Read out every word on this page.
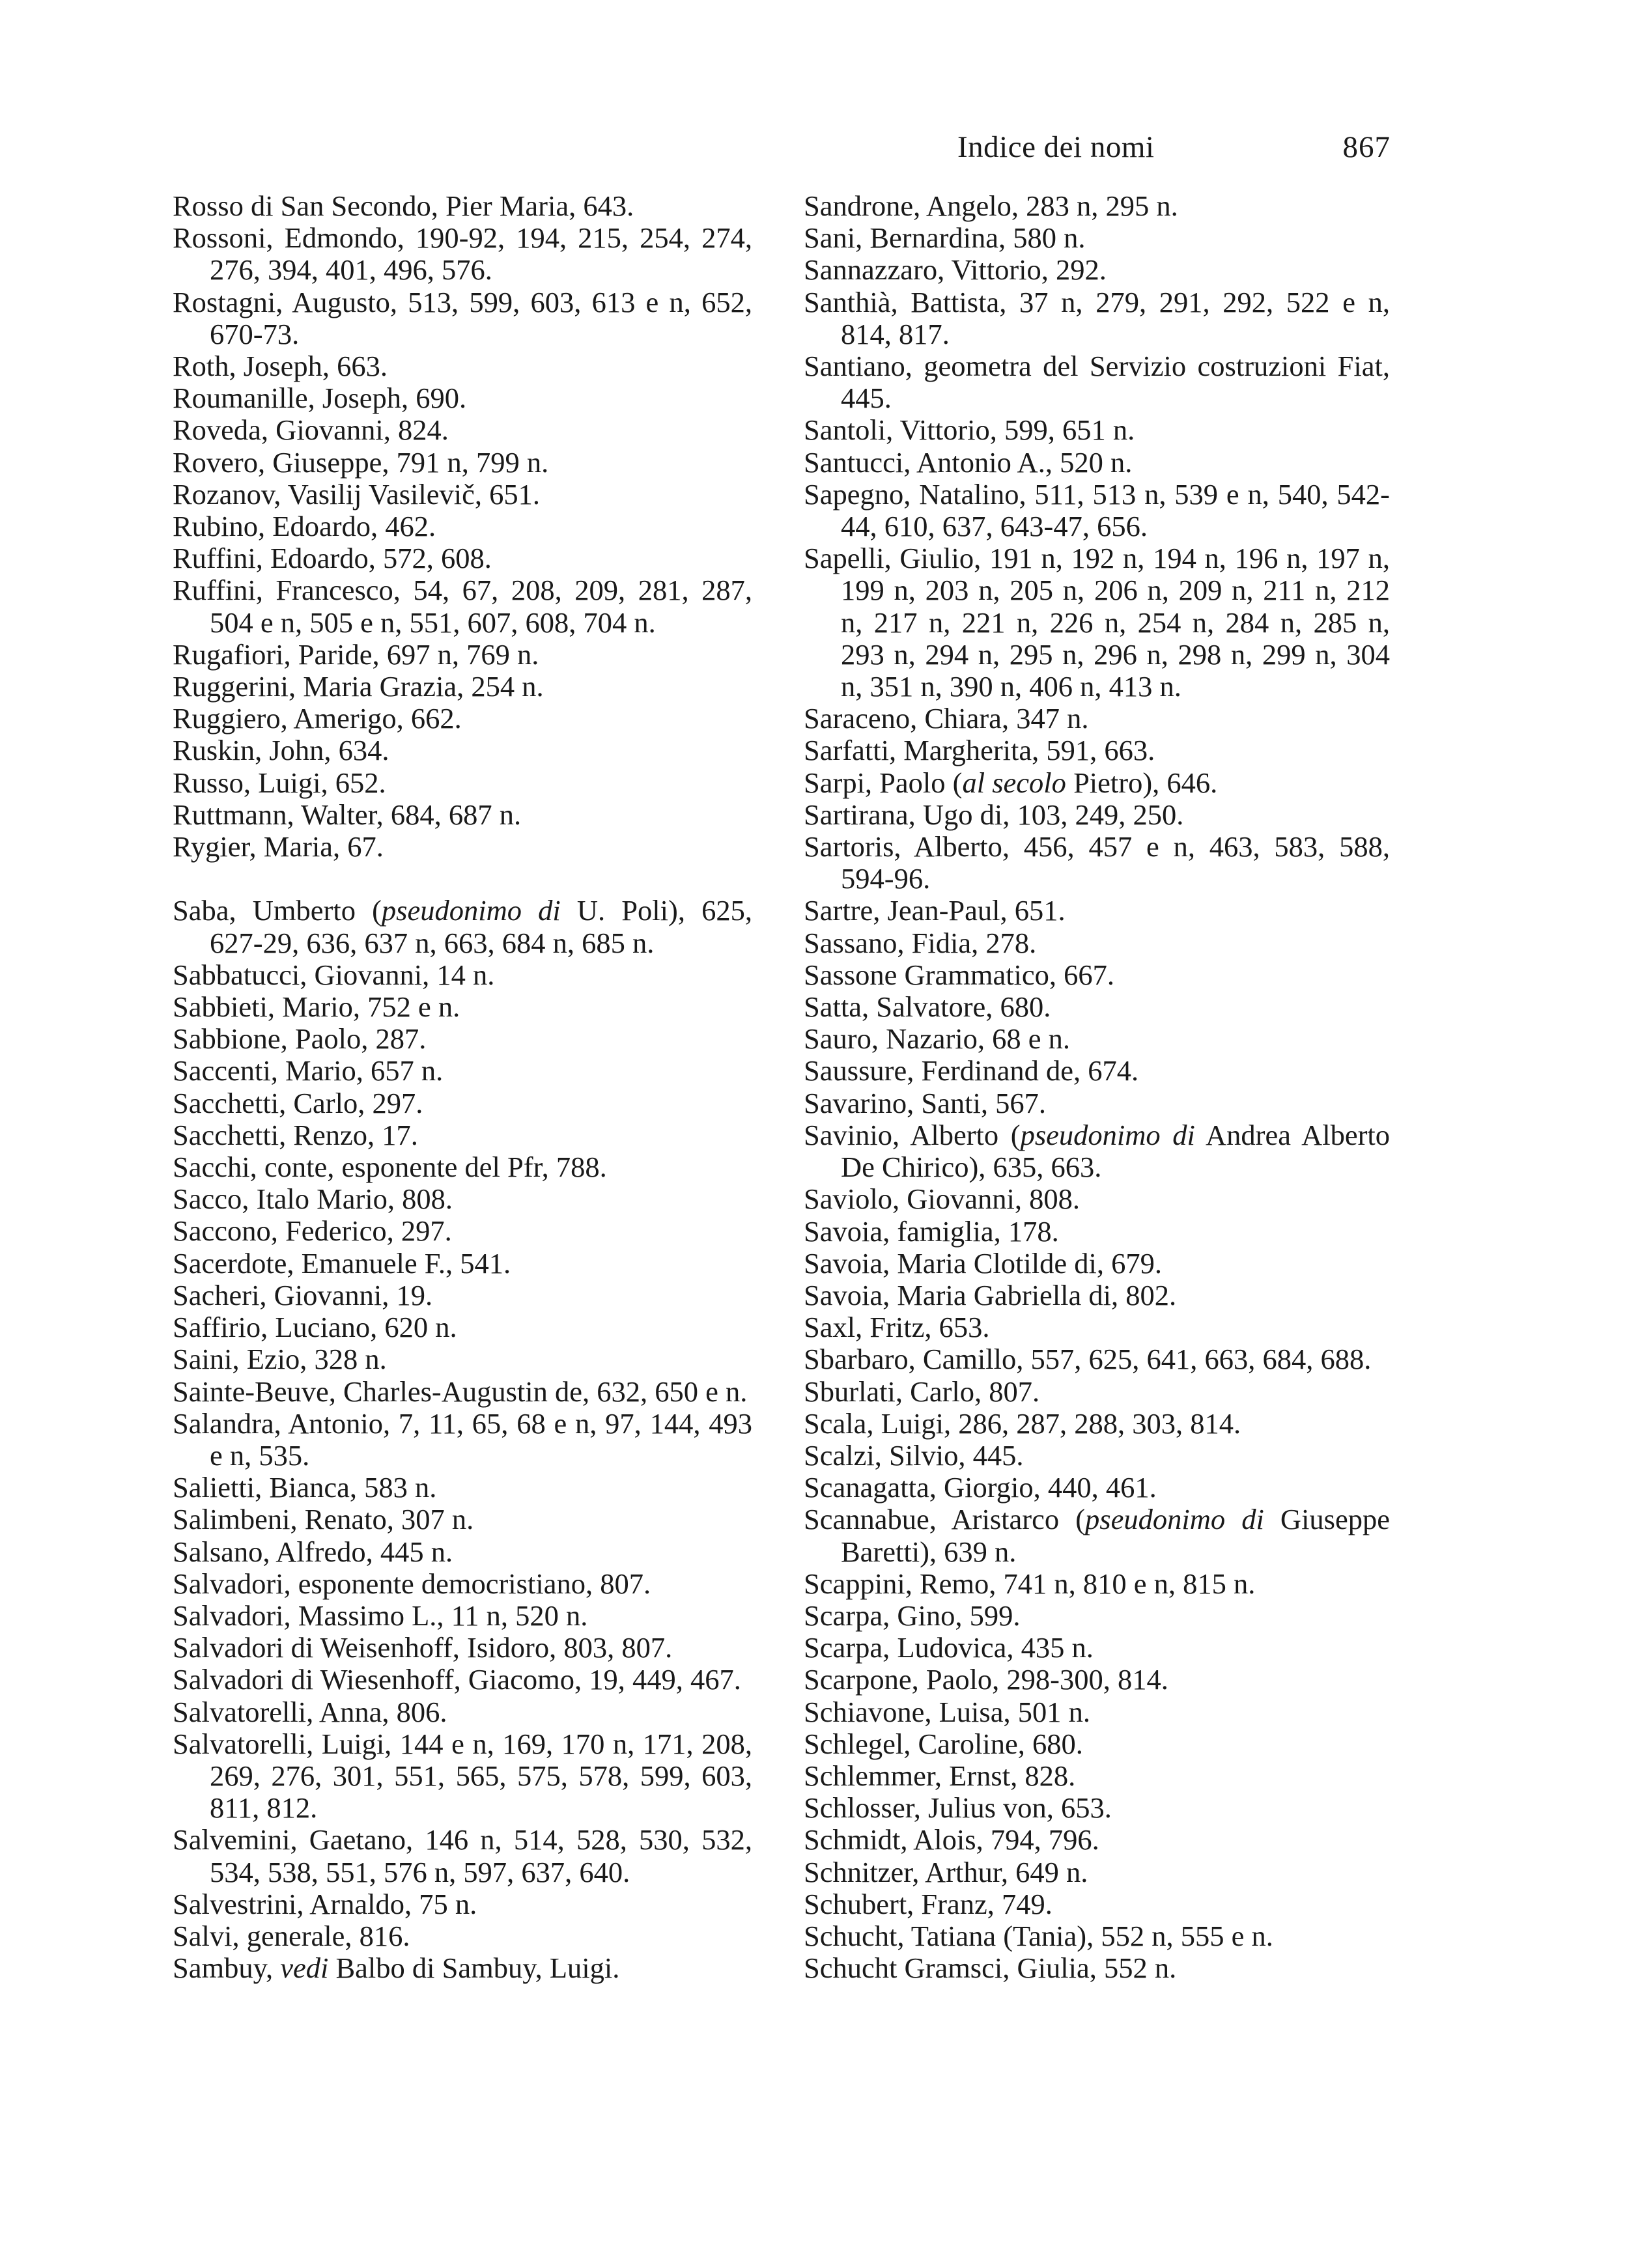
Indice dei nomi	867

Rosso di San Secondo, Pier Maria, 643.

Rossoni, Edmondo, 190-92, 194, 215, 254, 274, 276, 394, 401, 496, 576.

Rostagni, Augusto, 513, 599, 603, 613 e n, 652, 670-73.

Roth, Joseph, 663.

Roumanille, Joseph, 690.

Roveda, Giovanni, 824.

Rovero, Giuseppe, 791 n, 799 n.

Rozanov, Vasilij Vasilevič, 651.

Rubino, Edoardo, 462.

Ruffini, Edoardo, 572, 608.

Ruffini, Francesco, 54, 67, 208, 209, 281, 287, 504 e n, 505 e n, 551, 607, 608, 704 n.

Rugafiori, Paride, 697 n, 769 n.

Ruggerini, Maria Grazia, 254 n.

Ruggiero, Amerigo, 662.

Ruskin, John, 634.

Russo, Luigi, 652.

Ruttmann, Walter, 684, 687 n.

Rygier, Maria, 67.

Saba, Umberto (pseudonimo di U. Poli), 625, 627-29, 636, 637 n, 663, 684 n, 685 n.

Sabbatucci, Giovanni, 14 n.

Sabbieti, Mario, 752 e n.

Sabbione, Paolo, 287.

Saccenti, Mario, 657 n.

Sacchetti, Carlo, 297.

Sacchetti, Renzo, 17.

Sacchi, conte, esponente del Pfr, 788.

Sacco, Italo Mario, 808.

Saccono, Federico, 297.

Sacerdote, Emanuele F., 541.

Sacheri, Giovanni, 19.

Saffirio, Luciano, 620 n.

Saini, Ezio, 328 n.

Sainte-Beuve, Charles-Augustin de, 632, 650 e n.

Salandra, Antonio, 7, 11, 65, 68 e n, 97, 144, 493 e n, 535.

Salietti, Bianca, 583 n.

Salimbeni, Renato, 307 n.

Salsano, Alfredo, 445 n.

Salvadori, esponente democristiano, 807.

Salvadori, Massimo L., 11 n, 520 n.

Salvadori di Weisenhoff, Isidoro, 803, 807.

Salvadori di Wiesenhoff, Giacomo, 19, 449, 467.

Salvatorelli, Anna, 806.

Salvatorelli, Luigi, 144 e n, 169, 170 n, 171, 208, 269, 276, 301, 551, 565, 575, 578, 599, 603, 811, 812.

Salvemini, Gaetano, 146 n, 514, 528, 530, 532, 534, 538, 551, 576 n, 597, 637, 640.

Salvestrini, Arnaldo, 75 n.

Salvi, generale, 816.

Sambuy, vedi Balbo di Sambuy, Luigi.

Sandrone, Angelo, 283 n, 295 n.

Sani, Bernardina, 580 n.

Sannazzaro, Vittorio, 292.

Santhià, Battista, 37 n, 279, 291, 292, 522 e n, 814, 817.

Santiano, geometra del Servizio costruzioni Fiat, 445.

Santoli, Vittorio, 599, 651 n.

Santucci, Antonio A., 520 n.

Sapegno, Natalino, 511, 513 n, 539 e n, 540, 542-44, 610, 637, 643-47, 656.

Sapelli, Giulio, 191 n, 192 n, 194 n, 196 n, 197 n, 199 n, 203 n, 205 n, 206 n, 209 n, 211 n, 212 n, 217 n, 221 n, 226 n, 254 n, 284 n, 285 n, 293 n, 294 n, 295 n, 296 n, 298 n, 299 n, 304 n, 351 n, 390 n, 406 n, 413 n.

Saraceno, Chiara, 347 n.

Sarfatti, Margherita, 591, 663.

Sarpi, Paolo (al secolo Pietro), 646.

Sartirana, Ugo di, 103, 249, 250.

Sartoris, Alberto, 456, 457 e n, 463, 583, 588, 594-96.

Sartre, Jean-Paul, 651.

Sassano, Fidia, 278.

Sassone Grammatico, 667.

Satta, Salvatore, 680.

Sauro, Nazario, 68 e n.

Saussure, Ferdinand de, 674.

Savarino, Santi, 567.

Savinio, Alberto (pseudonimo di Andrea Alberto De Chirico), 635, 663.

Saviolo, Giovanni, 808.

Savoia, famiglia, 178.

Savoia, Maria Clotilde di, 679.

Savoia, Maria Gabriella di, 802.

Saxl, Fritz, 653.

Sbarbaro, Camillo, 557, 625, 641, 663, 684, 688.

Sburlati, Carlo, 807.

Scala, Luigi, 286, 287, 288, 303, 814.

Scalzi, Silvio, 445.

Scanagatta, Giorgio, 440, 461.

Scannabue, Aristarco (pseudonimo di Giuseppe Baretti), 639 n.

Scappini, Remo, 741 n, 810 e n, 815 n.

Scarpa, Gino, 599.

Scarpa, Ludovica, 435 n.

Scarpone, Paolo, 298-300, 814.

Schiavone, Luisa, 501 n.

Schlegel, Caroline, 680.

Schlemmer, Ernst, 828.

Schlosser, Julius von, 653.

Schmidt, Alois, 794, 796.

Schnitzer, Arthur, 649 n.

Schubert, Franz, 749.

Schucht, Tatiana (Tania), 552 n, 555 e n.

Schucht Gramsci, Giulia, 552 n.
